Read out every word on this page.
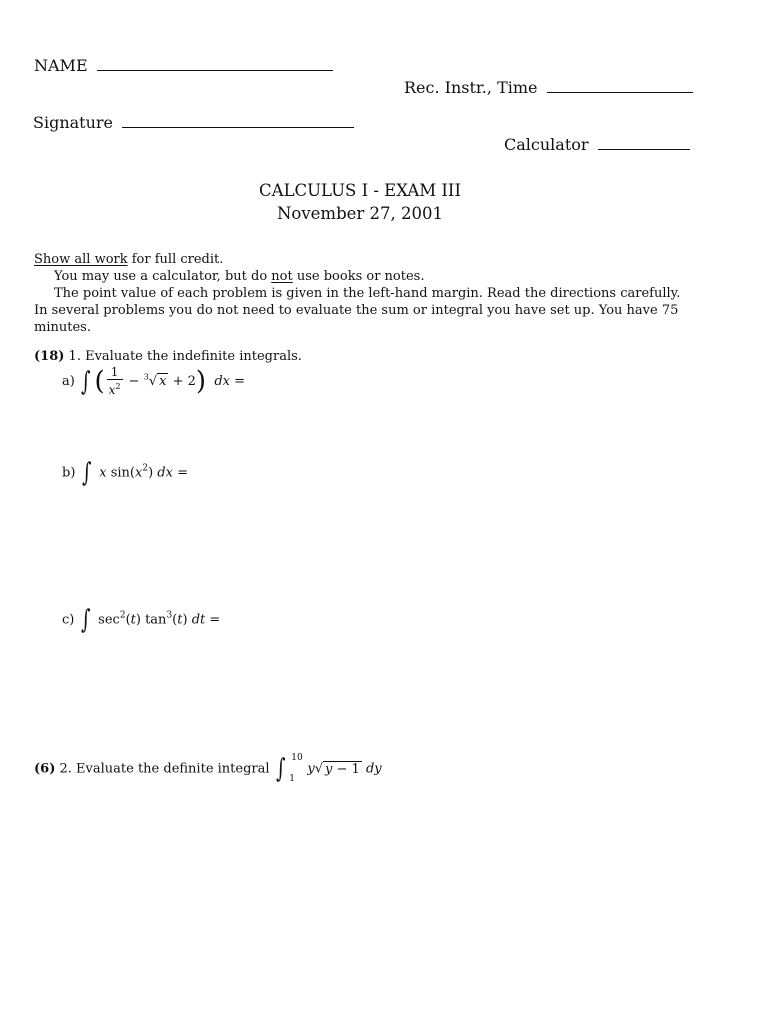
NAME
Rec. Instr., Time
Signature
Calculator
CALCULUS I - EXAM III
November 27, 2001
Show all work for full credit.
You may use a calculator, but do not use books or notes.
The point value of each problem is given in the left-hand margin. Read the directions carefully.
In several problems you do not need to evaluate the sum or integral you have set up. You have 75
minutes.
(18) 1. Evaluate the indefinite integrals.
a) ∫ ( $\frac{1}{x^2} - ^3√$ x + 2) dx =
b) ∫ x $\sin(x^2)$ dx =
c) ∫ $\sec^2(t)$ $\tan^3(t)$ dt =
(6) 2. Evaluate the definite integral ∫ 10
1
y√ y − 1 dy
